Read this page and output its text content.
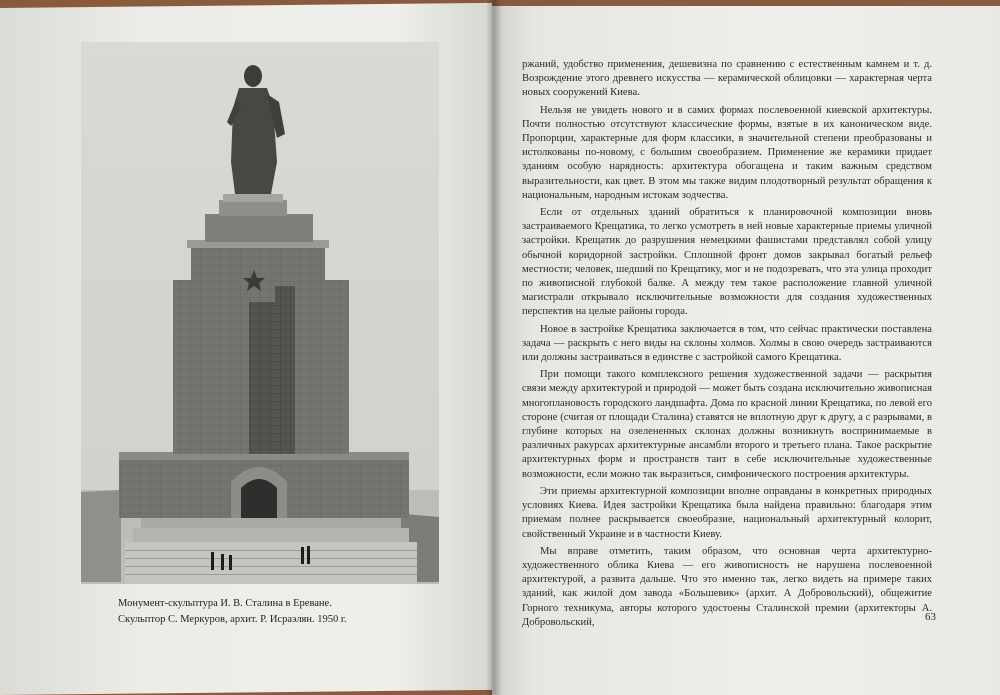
Монумент-скульптура И. В. Сталина в Ереване.
Скульптор С. Меркуров, архит. Р. Исраэлян. 1950 г.

ржаний, удобство применения, дешевизна по сравнению с естественным камнем и т. д. Возрождение этого древнего искусства — керамической облицовки — характерная черта новых сооружений Киева.

Нельзя не увидеть нового и в самих формах послевоенной киевской архитектуры. Почти полностью отсутствуют классические формы, взятые в их каноническом виде. Пропорции, характерные для форм классики, в значительной степени преобразованы и истолкованы по-новому, с большим своеобразием. Применение же керамики придает зданиям особую нарядность: архитектура обогащена и таким важным средством выразительности, как цвет. В этом мы также видим плодотворный результат обращения к национальным, народным истокам зодчества.

Если от отдельных зданий обратиться к планировочной композиции вновь застраиваемого Крещатика, то легко усмотреть в ней новые характерные приемы уличной застройки. Крещатик до разрушения немецкими фашистами представлял собой улицу обычной коридорной застройки. Сплошной фронт домов закрывал богатый рельеф местности; человек, шедший по Крещатику, мог и не подозревать, что эта улица проходит по живописной глубокой балке. А между тем такое расположение главной уличной магистрали открывало исключительные возможности для создания художественных перспектив на целые районы города.

Новое в застройке Крещатика заключается в том, что сейчас практически поставлена задача — раскрыть с него виды на склоны холмов. Холмы в свою очередь застраиваются или должны застраиваться в единстве с застройкой самого Крещатика.

При помощи такого комплексного решения художественной задачи — раскрытия связи между архитектурой и природой — может быть создана исключительно живописная многоплановость городского ландшафта. Дома по красной линии Крещатика, по левой его стороне (считая от площади Сталина) ставятся не вплотную друг к другу, а с разрывами, в глубине которых на озелененных склонах должны возникнуть воспринимаемые в различных ракурсах архитектурные ансамбли второго и третьего плана. Такое раскрытие архитектурных форм и пространств таит в себе исключительные художественные возможности, если можно так выразиться, симфонического построения архитектуры.

Эти приемы архитектурной композиции вполне оправданы в конкретных природных условиях Киева. Идея застройки Крещатика была найдена правильно: благодаря этим приемам полнее раскрывается своеобразие, национальный архитектурный колорит, свойственный Украине и в частности Киеву.

Мы вправе отметить, таким образом, что основная черта архитектурно-художественного облика Киева — его живописность не нарушена послевоенной архитектурой, а развита дальше. Что это именно так, легко видеть на примере таких зданий, как жилой дом завода «Большевик» (архит. А Добровольский), общежитие Горного техникума, авторы которого удостоены Сталинской премии (архитекторы А. Добровольский,	63
